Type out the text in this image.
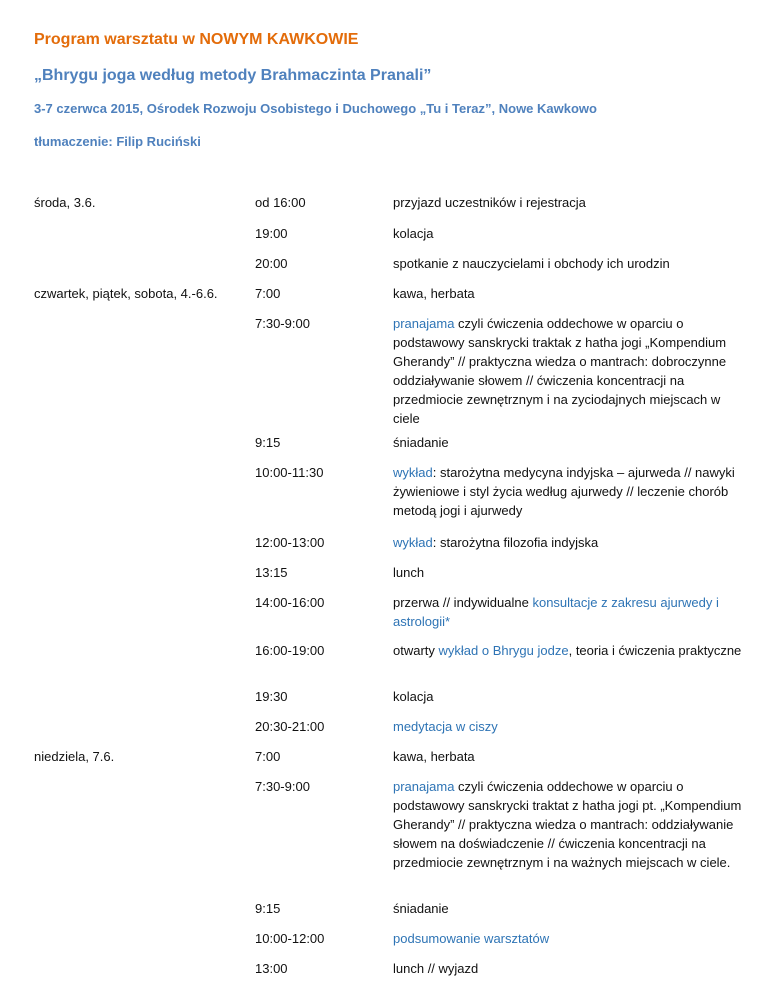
Program warsztatu w NOWYM KAWKOWIE
„Bhrygu joga według metody Brahmaczinta Pranali”
3-7 czerwca 2015, Ośrodek Rozwoju Osobistego i Duchowego „Tu i Teraz”, Nowe Kawkowo
tłumaczenie: Filip Ruciński
środa, 3.6.	od 16:00	przyjazd uczestników i rejestracja
19:00	kolacja
20:00	spotkanie z nauczycielami i obchody ich urodzin
czwartek, piątek, sobota, 4.-6.6.	7:00	kawa, herbata
7:30-9:00	pranajama czyli ćwiczenia oddechowe w oparciu o podstawowy sanskrycki traktak z hatha jogi „Kompendium Gherandy” // praktyczna wiedza o mantrach: dobroczynne oddziaływanie słowem // ćwiczenia koncentracji na przedmiocie zewnętrznym i na zyciodajnych miejscach w ciele
9:15	śniadanie
10:00-11:30	wykład: starożytna medycyna indyjska – ajurweda // nawyki żywieniowe i styl życia według ajurwedy // leczenie chorób metodą jogi i ajurwedy
12:00-13:00	wykład: starożytna filozofia indyjska
13:15	lunch
14:00-16:00	przerwa // indywidualne konsultacje z zakresu ajurwedy i astrologii*
16:00-19:00	otwarty wykład o Bhrygu jodze, teoria i ćwiczenia praktyczne
19:30	kolacja
20:30-21:00	medytacja w ciszy
niedziela, 7.6.	7:00	kawa, herbata
7:30-9:00	pranajama czyli ćwiczenia oddechowe w oparciu o podstawowy sanskrycki traktat z hatha jogi pt. „Kompendium Gherandy” // praktyczna wiedza o mantrach: oddziaływanie słowem na doświadczenie // ćwiczenia koncentracji na przedmiocie zewnętrznym i na ważnych miejscach w ciele.
9:15	śniadanie
10:00-12:00	podsumowanie warsztatów
13:00	lunch // wyjazd
